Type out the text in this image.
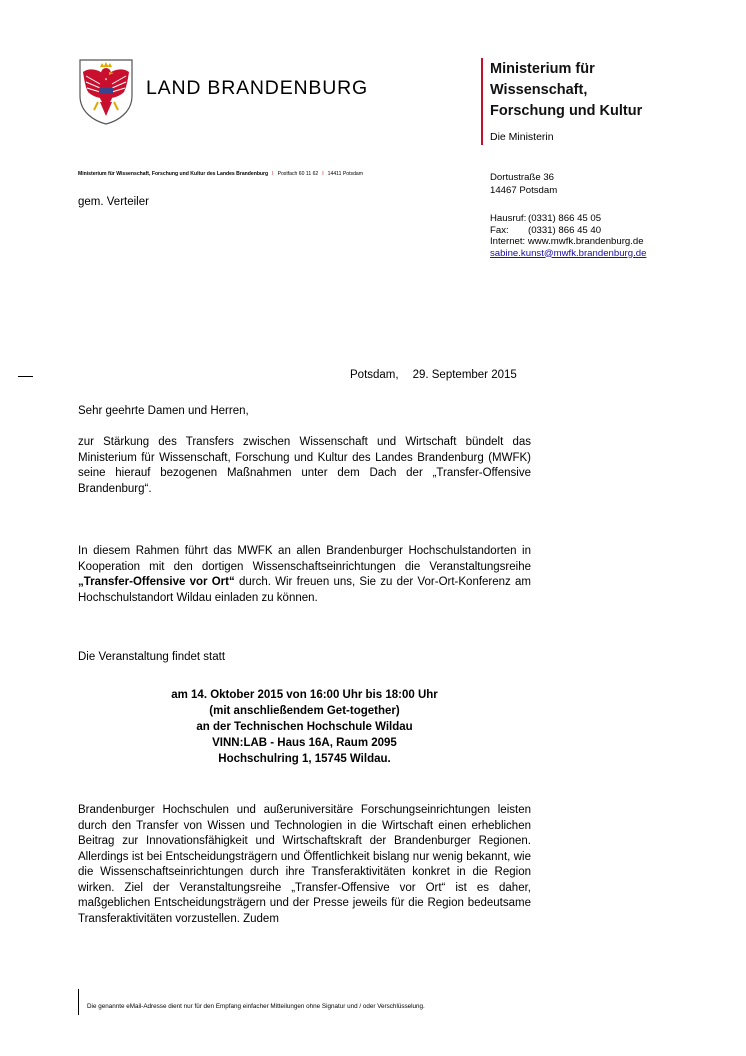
LAND BRANDENBURG
Ministerium für
Wissenschaft,
Forschung und Kultur
Die Ministerin
Ministerium für Wissenschaft, Forschung und Kultur des Landes Brandenburg I Postfach 60 11 62 I 14411 Potsdam	Dortustraße 36
14467 Potsdam
Hausruf: (0331) 866 45 05
Fax: (0331) 866 45 40
Internet: www.mwfk.brandenburg.de
sabine.kunst@mwfk.brandenburg.de
gem. Verteiler
Potsdam, 29. September 2015
Sehr geehrte Damen und Herren,
zur Stärkung des Transfers zwischen Wissenschaft und Wirtschaft bündelt das Ministerium für Wissenschaft, Forschung und Kultur des Landes Brandenburg (MWFK) seine hierauf bezogenen Maßnahmen unter dem Dach der „Transfer-Offensive Brandenburg“.
In diesem Rahmen führt das MWFK an allen Brandenburger Hochschulstandorten in Kooperation mit den dortigen Wissenschaftseinrichtungen die Veranstaltungsreihe „Transfer-Offensive vor Ort“ durch. Wir freuen uns, Sie zu der Vor-Ort-Konferenz am Hochschulstandort Wildau einladen zu können.
Die Veranstaltung findet statt
am 14. Oktober 2015 von 16:00 Uhr bis 18:00 Uhr
(mit anschließendem Get-together)
an der Technischen Hochschule Wildau
VINN:LAB - Haus 16A, Raum 2095
Hochschulring 1, 15745 Wildau.
Brandenburger Hochschulen und außeruniversitäre Forschungseinrichtungen leisten durch den Transfer von Wissen und Technologien in die Wirtschaft einen erheblichen Beitrag zur Innovationsfähigkeit und Wirtschaftskraft der Brandenburger Regionen. Allerdings ist bei Entscheidungsträgern und Öffentlichkeit bislang nur wenig bekannt, wie die Wissenschaftseinrichtungen durch ihre Transferaktivitäten konkret in die Region wirken. Ziel der Veranstaltungsreihe „Transfer-Offensive vor Ort“ ist es daher, maßgeblichen Entscheidungsträgern und der Presse jeweils für die Region bedeutsame Transferaktivitäten vorzustellen. Zudem
Die genannte eMail-Adresse dient nur für den Empfang einfacher Mitteilungen ohne Signatur und / oder Verschlüsselung.
